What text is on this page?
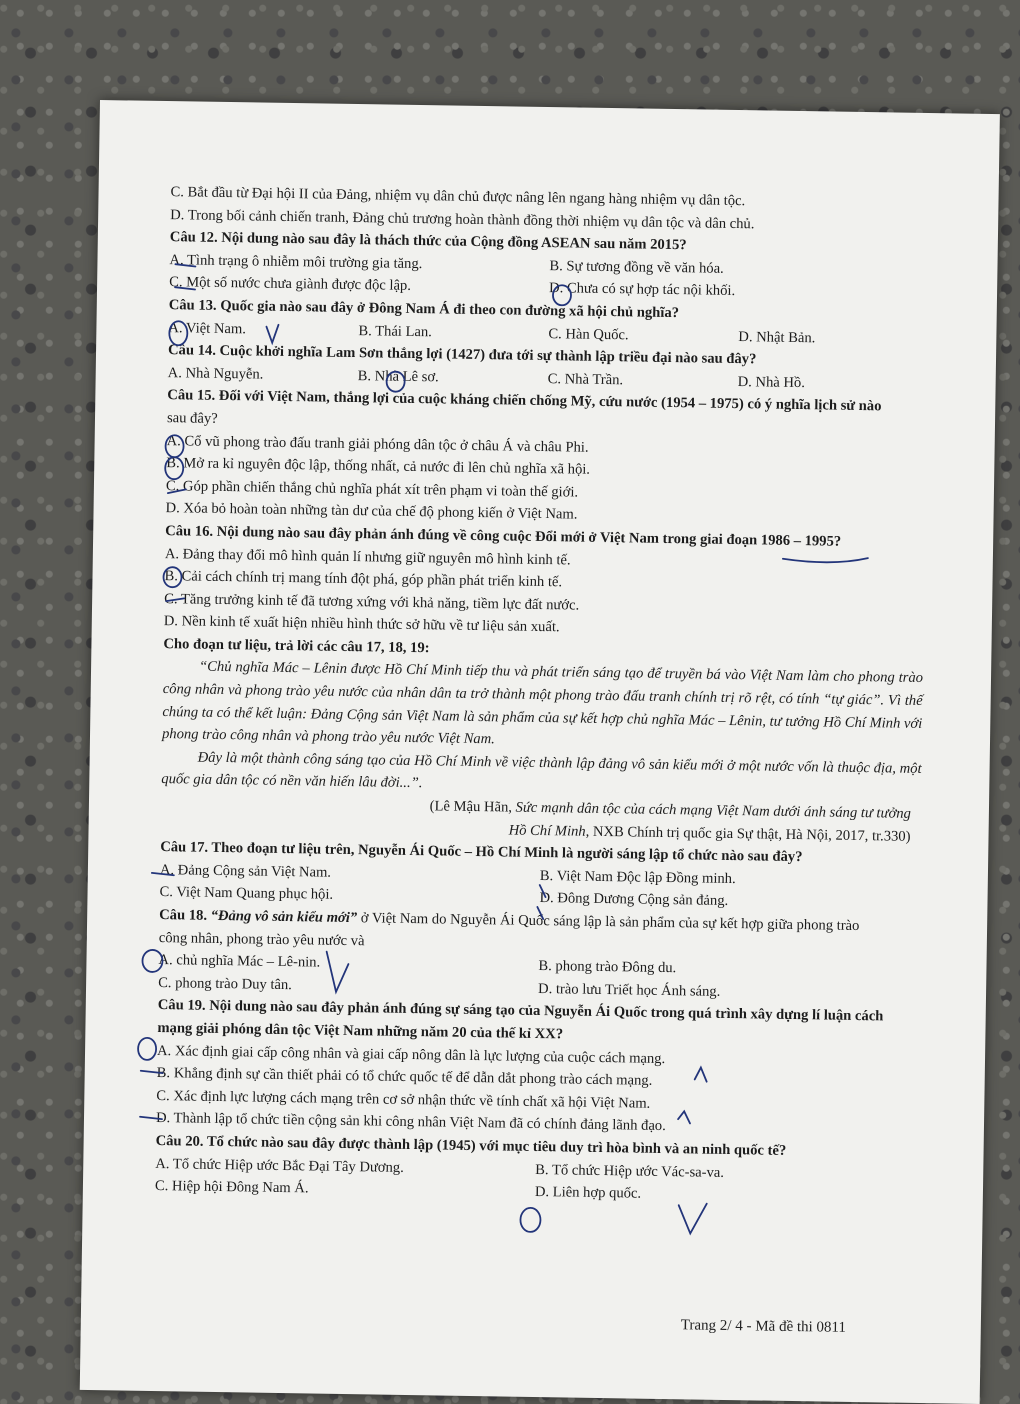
C. Bắt đầu từ Đại hội II của Đảng, nhiệm vụ dân chủ được nâng lên ngang hàng nhiệm vụ dân tộc.
D. Trong bối cảnh chiến tranh, Đảng chủ trương hoàn thành đồng thời nhiệm vụ dân tộc và dân chủ.
Câu 12. Nội dung nào sau đây là thách thức của Cộng đồng ASEAN sau năm 2015?
A. Tình trạng ô nhiễm môi trường gia tăng.	B. Sự tương đồng về văn hóa.
C. Một số nước chưa giành được độc lập.	D. Chưa có sự hợp tác nội khối.
Câu 13. Quốc gia nào sau đây ở Đông Nam Á đi theo con đường xã hội chủ nghĩa?
A. Việt Nam.	B. Thái Lan.	C. Hàn Quốc.	D. Nhật Bản.
Câu 14. Cuộc khởi nghĩa Lam Sơn thắng lợi (1427) đưa tới sự thành lập triều đại nào sau đây?
A. Nhà Nguyễn.	B. Nhà Lê sơ.	C. Nhà Trần.	D. Nhà Hồ.
Câu 15. Đối với Việt Nam, thắng lợi của cuộc kháng chiến chống Mỹ, cứu nước (1954 – 1975) có ý nghĩa lịch sử nào
sau đây?
A. Cổ vũ phong trào đấu tranh giải phóng dân tộc ở châu Á và châu Phi.
B. Mở ra kỉ nguyên độc lập, thống nhất, cả nước đi lên chủ nghĩa xã hội.
C. Góp phần chiến thắng chủ nghĩa phát xít trên phạm vi toàn thế giới.
D. Xóa bỏ hoàn toàn những tàn dư của chế độ phong kiến ở Việt Nam.
Câu 16. Nội dung nào sau đây phản ánh đúng về công cuộc Đổi mới ở Việt Nam trong giai đoạn 1986 – 1995?
A. Đảng thay đổi mô hình quản lí nhưng giữ nguyên mô hình kinh tế.
B. Cải cách chính trị mang tính đột phá, góp phần phát triển kinh tế.
C. Tăng trưởng kinh tế đã tương xứng với khả năng, tiềm lực đất nước.
D. Nền kinh tế xuất hiện nhiều hình thức sở hữu về tư liệu sản xuất.
Cho đoạn tư liệu, trả lời các câu 17, 18, 19:
“Chủ nghĩa Mác – Lênin được Hồ Chí Minh tiếp thu và phát triển sáng tạo để truyền bá vào Việt Nam làm cho phong trào công nhân và phong trào yêu nước của nhân dân ta trở thành một phong trào đấu tranh chính trị rõ rệt, có tính “tự giác”. Vì thế chúng ta có thể kết luận: Đảng Cộng sản Việt Nam là sản phẩm của sự kết hợp chủ nghĩa Mác – Lênin, tư tưởng Hồ Chí Minh với phong trào công nhân và phong trào yêu nước Việt Nam.
Đây là một thành công sáng tạo của Hồ Chí Minh về việc thành lập đảng vô sản kiểu mới ở một nước vốn là thuộc địa, một quốc gia dân tộc có nền văn hiến lâu đời...”.
(Lê Mậu Hãn, Sức mạnh dân tộc của cách mạng Việt Nam dưới ánh sáng tư tưởng
Hồ Chí Minh, NXB Chính trị quốc gia Sự thật, Hà Nội, 2017, tr.330)
Câu 17. Theo đoạn tư liệu trên, Nguyễn Ái Quốc – Hồ Chí Minh là người sáng lập tổ chức nào sau đây?
A. Đảng Cộng sản Việt Nam.	B. Việt Nam Độc lập Đồng minh.
C. Việt Nam Quang phục hội.	D. Đông Dương Cộng sản đảng.
Câu 18. “Đảng vô sản kiểu mới” ở Việt Nam do Nguyễn Ái Quốc sáng lập là sản phẩm của sự kết hợp giữa phong trào
công nhân, phong trào yêu nước và
A. chủ nghĩa Mác – Lê-nin.	B. phong trào Đông du.
C. phong trào Duy tân.	D. trào lưu Triết học Ánh sáng.
Câu 19. Nội dung nào sau đây phản ánh đúng sự sáng tạo của Nguyễn Ái Quốc trong quá trình xây dựng lí luận cách
mạng giải phóng dân tộc Việt Nam những năm 20 của thế kỉ XX?
A. Xác định giai cấp công nhân và giai cấp nông dân là lực lượng của cuộc cách mạng.
B. Khẳng định sự cần thiết phải có tổ chức quốc tế để dẫn dắt phong trào cách mạng.
C. Xác định lực lượng cách mạng trên cơ sở nhận thức về tính chất xã hội Việt Nam.
D. Thành lập tổ chức tiền cộng sản khi công nhân Việt Nam đã có chính đảng lãnh đạo.
Câu 20. Tổ chức nào sau đây được thành lập (1945) với mục tiêu duy trì hòa bình và an ninh quốc tế?
A. Tổ chức Hiệp ước Bắc Đại Tây Dương.	B. Tổ chức Hiệp ước Vác-sa-va.
C. Hiệp hội Đông Nam Á.	D. Liên hợp quốc.
Trang 2/ 4 - Mã đề thi 0811
